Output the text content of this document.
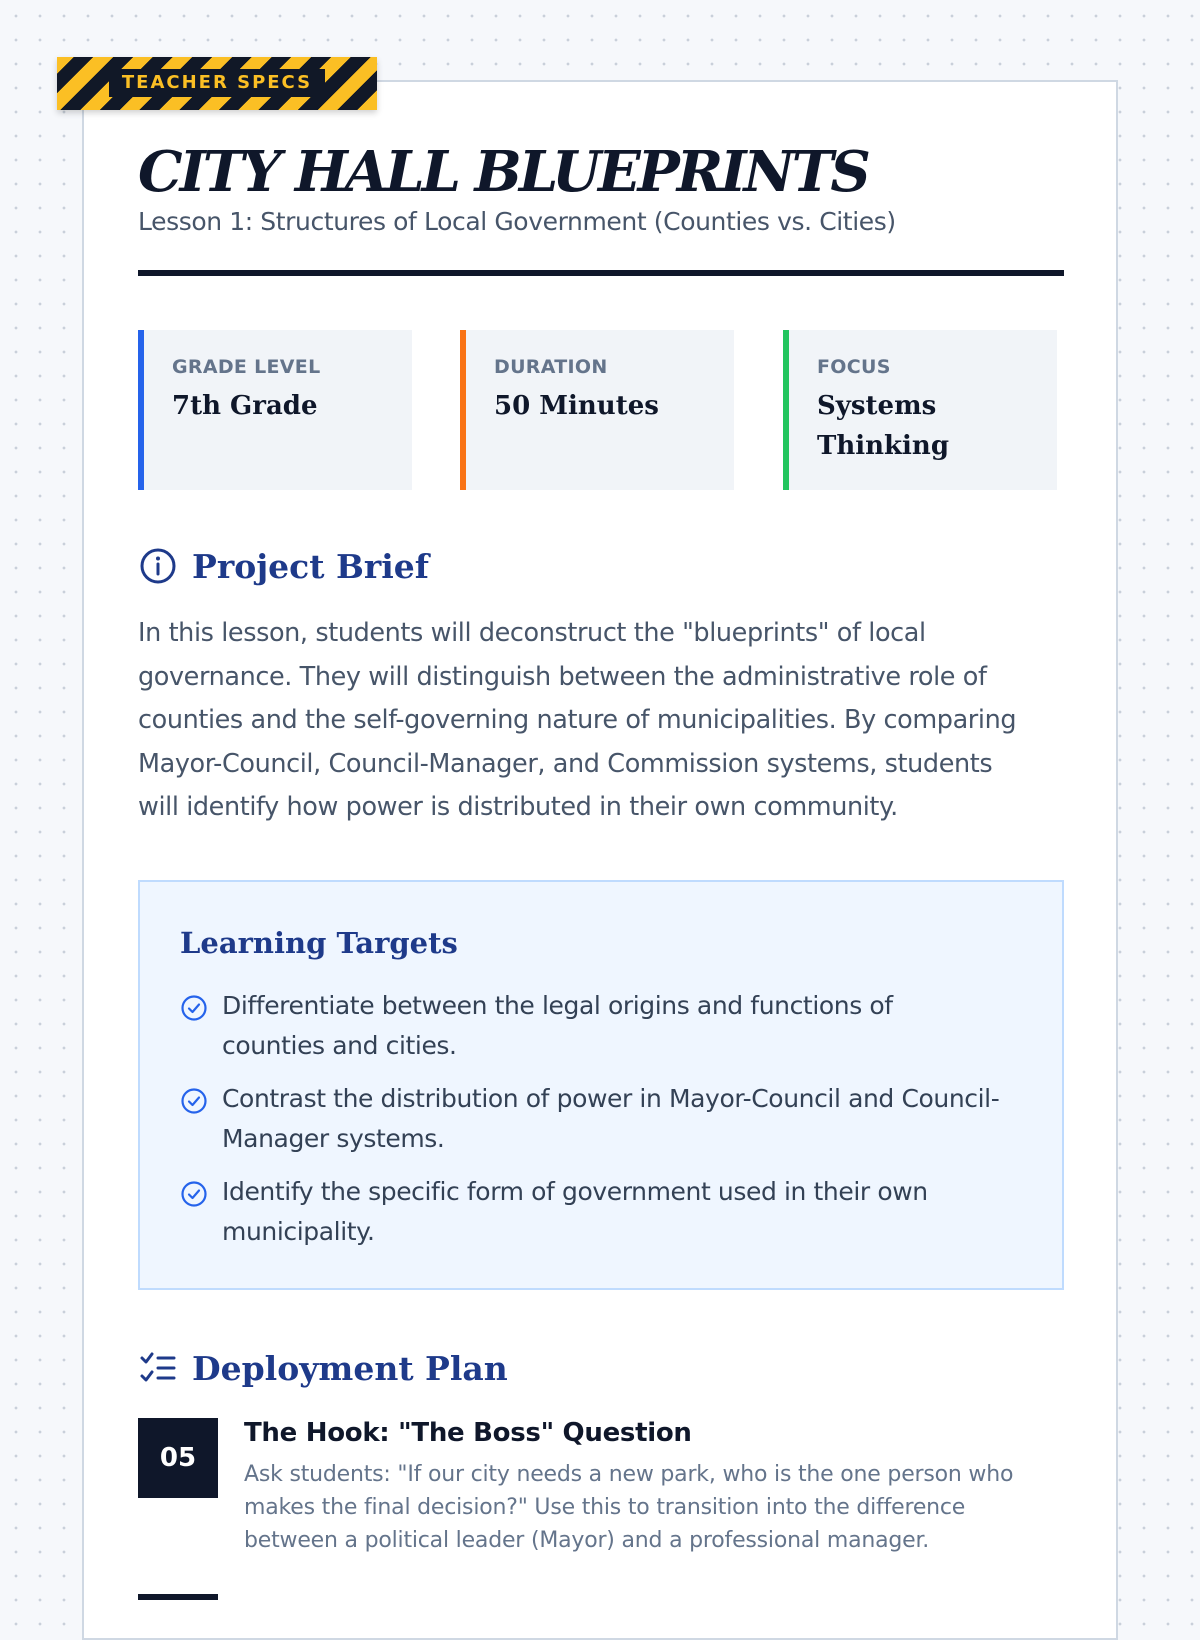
TEACHER SPECS
CITY HALL BLUEPRINTS

Lesson 1: Structures of Local Government (Counties vs. Cities)

GRADE LEVEL
7th Grade
DURATION
50 Minutes
FOCUS
Systems Thinking
Project Brief

In this lesson, students will deconstruct the "blueprints" of local governance. They will distinguish between the administrative role of counties and the self-governing nature of municipalities. By comparing Mayor-Council, Council-Manager, and Commission systems, students will identify how power is distributed in their own community.

Learning Targets
Differentiate between the legal origins and functions of counties and cities.
Contrast the distribution of power in Mayor-Council and Council-Manager systems.
Identify the specific form of government used in their own municipality.
Deployment Plan
05

The Hook: "The Boss" Question

Ask students: "If our city needs a new park, who is the one person who makes the final decision?" Use this to transition into the difference between a political leader (Mayor) and a professional manager.
